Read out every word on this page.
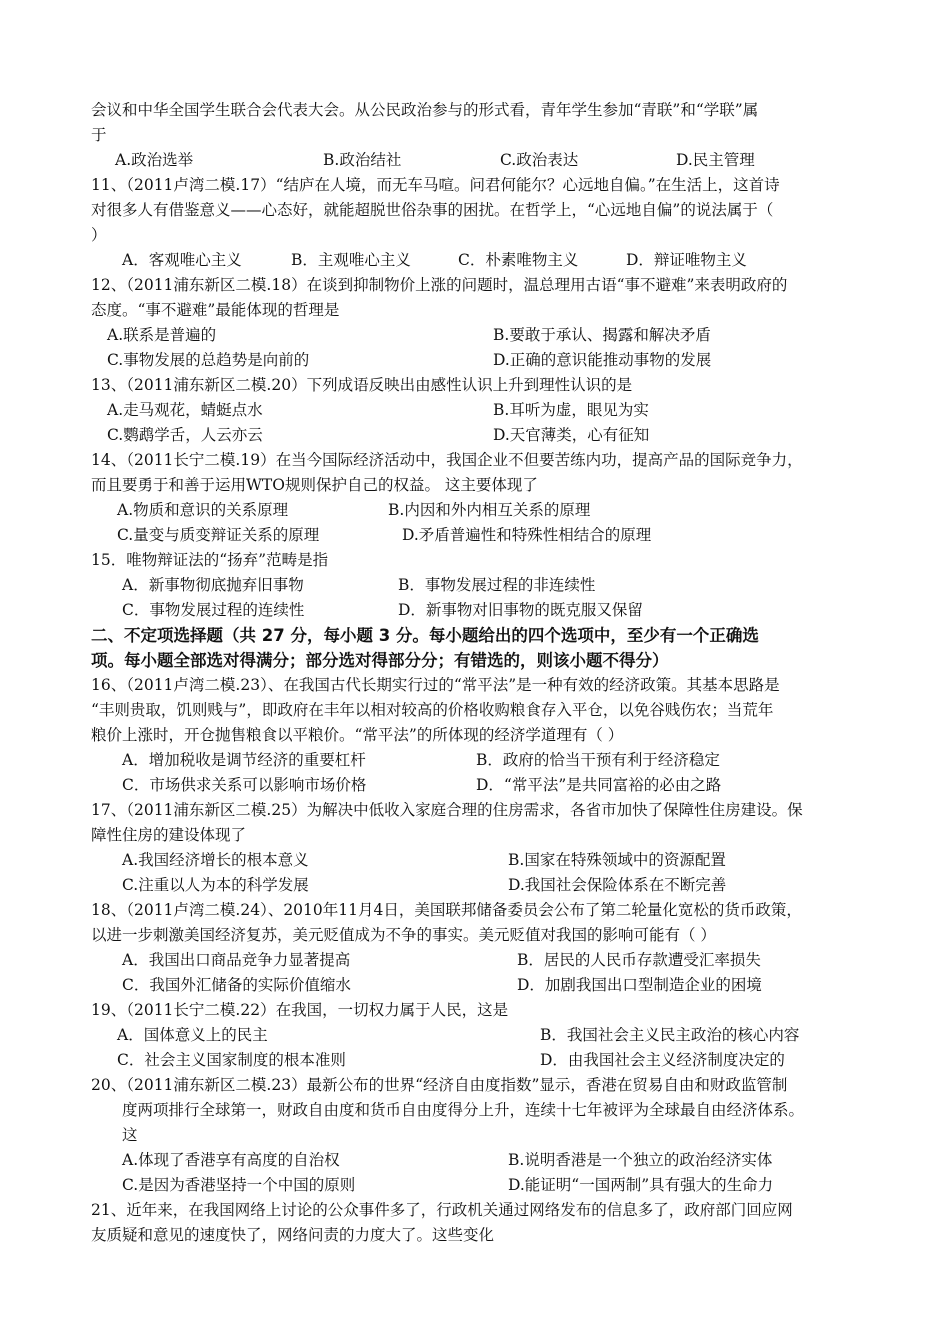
会议和中华全国学生联合会代表大会。从公民政治参与的形式看，青年学生参加“青联”和“学联”属
于
A.政治选举	B.政治结社	C.政治表达	D.民主管理
11、（2011卢湾二模.17）“结庐在人境，而无车马喧。问君何能尔？心远地自偏。”在生活上，这首诗
对很多人有借鉴意义——心态好，就能超脱世俗杂事的困扰。在哲学上，“心远地自偏”的说法属于（
）
A．客观唯心主义	B．主观唯心主义	C．朴素唯物主义	D．辩证唯物主义
12、（2011浦东新区二模.18）在谈到抑制物价上涨的问题时，温总理用古语“事不避难”来表明政府的
态度。“事不避难”最能体现的哲理是
A.联系是普遍的	B.要敢于承认、揭露和解决矛盾
C.事物发展的总趋势是向前的	D.正确的意识能推动事物的发展
13、（2011浦东新区二模.20）下列成语反映出由感性认识上升到理性认识的是
A.走马观花，蜻蜓点水	B.耳听为虚，眼见为实
C.鹦鹉学舌，人云亦云	D.天官薄类，心有征知
14、（2011长宁二模.19）在当今国际经济活动中，我国企业不但要苦练内功，提高产品的国际竞争力，
而且要勇于和善于运用WTO规则保护自己的权益。 这主要体现了
A.物质和意识的关系原理	B.内因和外内相互关系的原理
C.量变与质变辩证关系的原理	D.矛盾普遍性和特殊性相结合的原理
15．唯物辩证法的“扬弃”范畴是指
A．新事物彻底抛弃旧事物	B．事物发展过程的非连续性
C．事物发展过程的连续性	D．新事物对旧事物的既克服又保留
二、不定项选择题（共 27 分，每小题 3 分。每小题给出的四个选项中，至少有一个正确选
项。每小题全部选对得满分；部分选对得部分分；有错选的，则该小题不得分）
16、（2011卢湾二模.23）、在我国古代长期实行过的“常平法”是一种有效的经济政策。其基本思路是
“丰则贵取，饥则贱与”，即政府在丰年以相对较高的价格收购粮食存入平仓，以免谷贱伤农；当荒年
粮价上涨时，开仓抛售粮食以平粮价。“常平法”的所体现的经济学道理有（ ）
A．增加税收是调节经济的重要杠杆	B．政府的恰当干预有利于经济稳定
C．市场供求关系可以影响市场价格	D．“常平法”是共同富裕的必由之路
17、（2011浦东新区二模.25）为解决中低收入家庭合理的住房需求，各省市加快了保障性住房建设。保
障性住房的建设体现了
A.我国经济增长的根本意义	B.国家在特殊领域中的资源配置
C.注重以人为本的科学发展	D.我国社会保险体系在不断完善
18、（2011卢湾二模.24）、2010年11月4日，美国联邦储备委员会公布了第二轮量化宽松的货币政策，
以进一步刺激美国经济复苏，美元贬值成为不争的事实。美元贬值对我国的影响可能有（ ）
A．我国出口商品竞争力显著提高	B．居民的人民币存款遭受汇率损失
C．我国外汇储备的实际价值缩水	D．加剧我国出口型制造企业的困境
19、（2011长宁二模.22）在我国，一切权力属于人民，这是
A．国体意义上的民主	B．我国社会主义民主政治的核心内容
C．社会主义国家制度的根本准则	D．由我国社会主义经济制度决定的
20、（2011浦东新区二模.23）最新公布的世界“经济自由度指数”显示，香港在贸易自由和财政监管制
度两项排行全球第一，财政自由度和货币自由度得分上升，连续十七年被评为全球最自由经济体系。
这
A.体现了香港享有高度的自治权	B.说明香港是一个独立的政治经济实体
C.是因为香港坚持一个中国的原则	D.能证明“一国两制”具有强大的生命力
21、近年来，在我国网络上讨论的公众事件多了，行政机关通过网络发布的信息多了，政府部门回应网
友质疑和意见的速度快了，网络问责的力度大了。这些变化
